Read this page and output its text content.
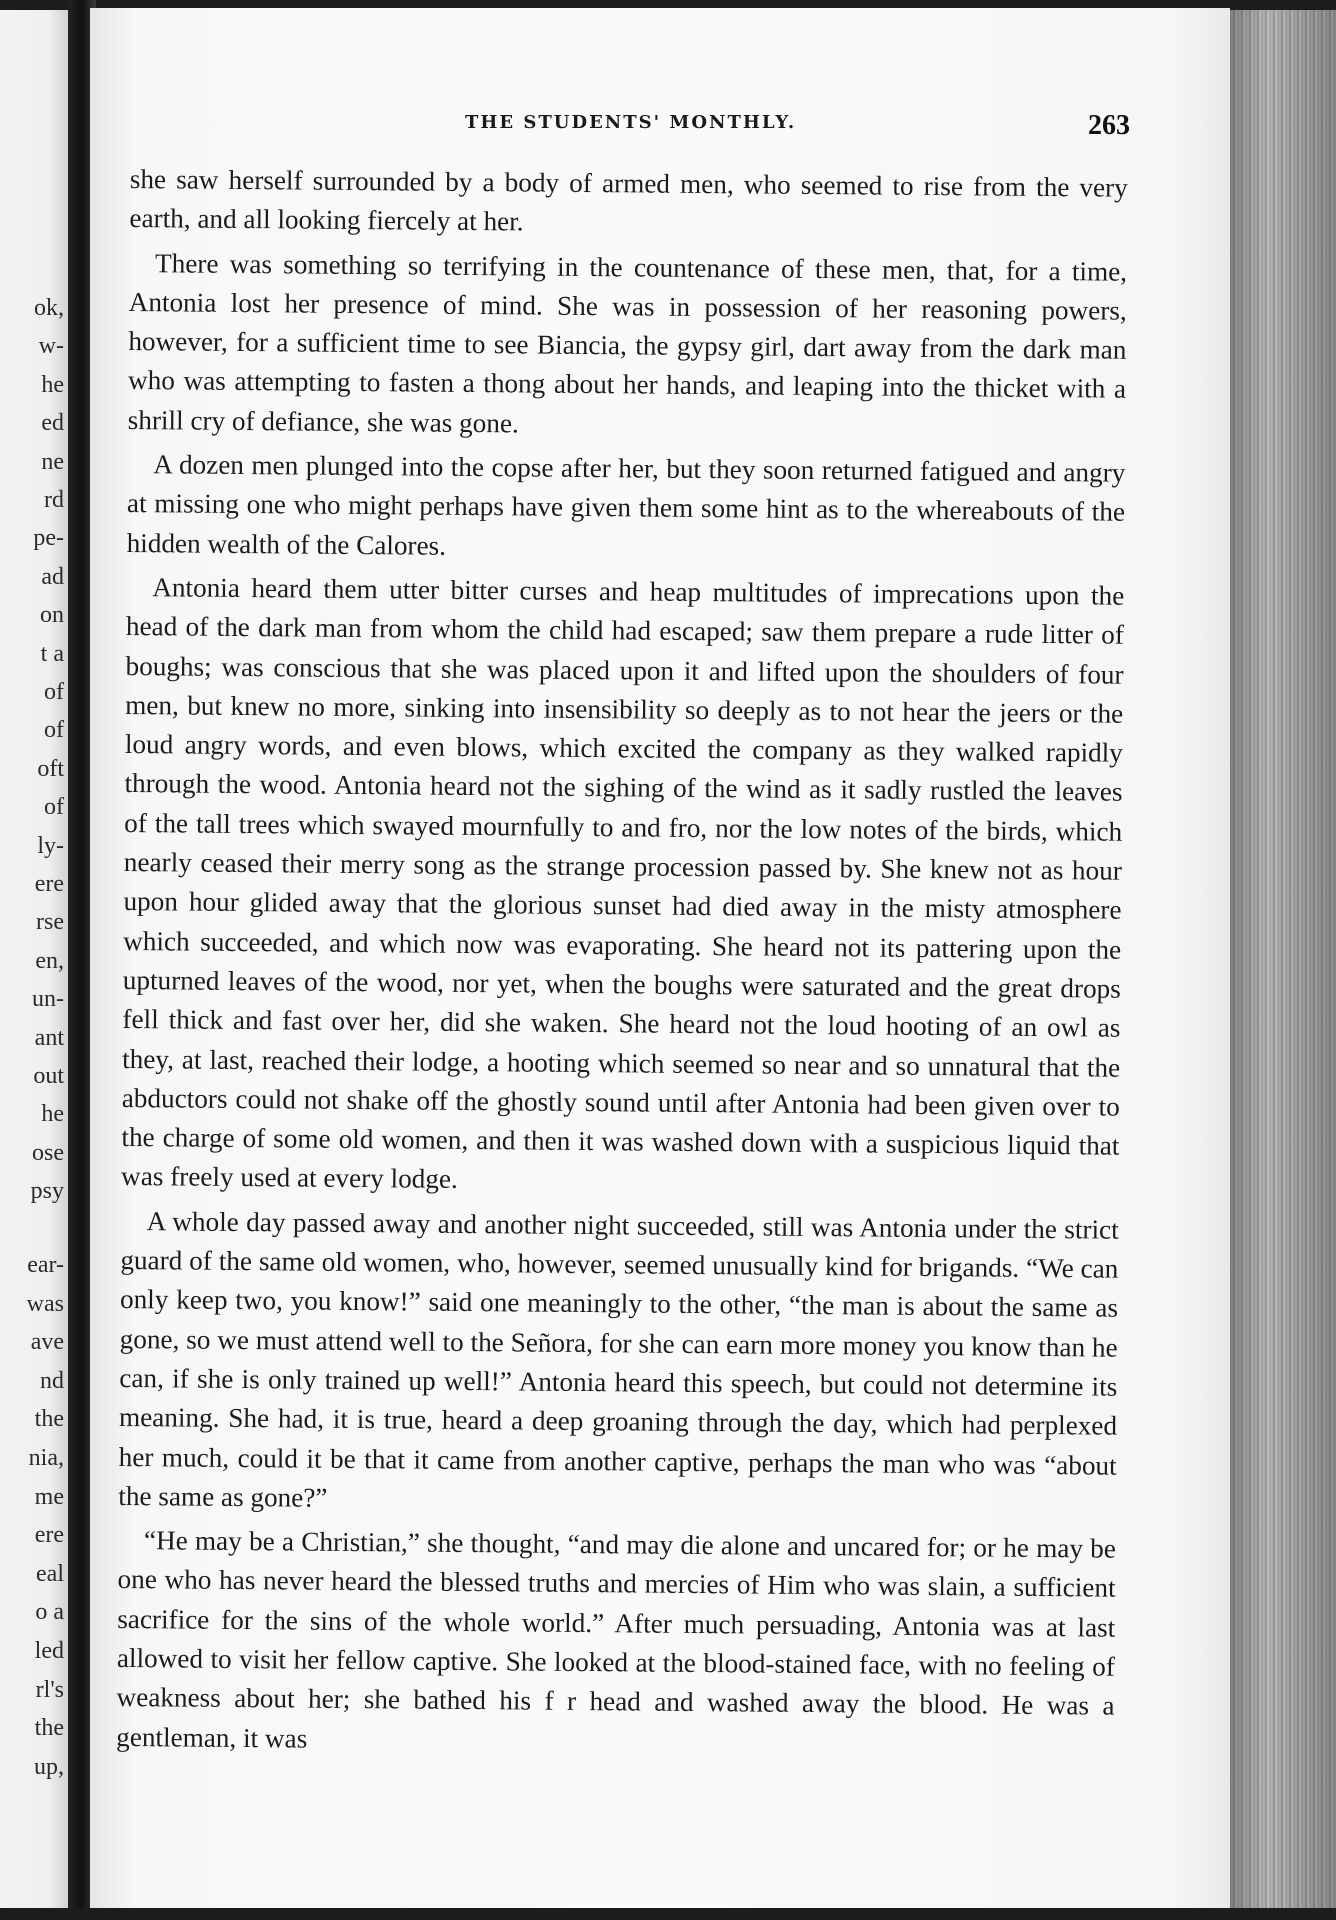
ok,
w-
he
ed
ne
rd
pe-
ad
on
t a
of
of
oft
of
ly-
ere
rse
en,
un-
ant
out
he
ose
psy
ear-
was
ave
nd
the
nia,
me
ere
eal
o a
led
rl's
the
up,
THE STUDENTS' MONTHLY.	263

she saw herself surrounded by a body of armed men, who seemed to rise from the very earth, and all looking fiercely at her.

There was something so terrifying in the countenance of these men, that, for a time, Antonia lost her presence of mind. She was in possession of her reasoning powers, however, for a sufficient time to see Biancia, the gypsy girl, dart away from the dark man who was attempting to fasten a thong about her hands, and leaping into the thicket with a shrill cry of defiance, she was gone.

A dozen men plunged into the copse after her, but they soon returned fatigued and angry at missing one who might perhaps have given them some hint as to the whereabouts of the hidden wealth of the Calores.

Antonia heard them utter bitter curses and heap multitudes of imprecations upon the head of the dark man from whom the child had escaped; saw them prepare a rude litter of boughs; was conscious that she was placed upon it and lifted upon the shoulders of four men, but knew no more, sinking into insensibility so deeply as to not hear the jeers or the loud angry words, and even blows, which excited the company as they walked rapidly through the wood. Antonia heard not the sighing of the wind as it sadly rustled the leaves of the tall trees which swayed mournfully to and fro, nor the low notes of the birds, which nearly ceased their merry song as the strange procession passed by. She knew not as hour upon hour glided away that the glorious sunset had died away in the misty atmosphere which succeeded, and which now was evaporating. She heard not its pattering upon the upturned leaves of the wood, nor yet, when the boughs were saturated and the great drops fell thick and fast over her, did she waken. She heard not the loud hooting of an owl as they, at last, reached their lodge, a hooting which seemed so near and so unnatural that the abductors could not shake off the ghostly sound until after Antonia had been given over to the charge of some old women, and then it was washed down with a suspicious liquid that was freely used at every lodge.

A whole day passed away and another night succeeded, still was Antonia under the strict guard of the same old women, who, however, seemed unusually kind for brigands. “We can only keep two, you know!” said one meaningly to the other, “the man is about the same as gone, so we must attend well to the Señora, for she can earn more money you know than he can, if she is only trained up well!” Antonia heard this speech, but could not determine its meaning. She had, it is true, heard a deep groaning through the day, which had perplexed her much, could it be that it came from another captive, perhaps the man who was “about the same as gone?”

“He may be a Christian,” she thought, “and may die alone and uncared for; or he may be one who has never heard the blessed truths and mercies of Him who was slain, a sufficient sacrifice for the sins of the whole world.” After much persuading, Antonia was at last allowed to visit her fellow captive. She looked at the blood-stained face, with no feeling of weakness about her; she bathed his f r head and washed away the blood. He was a gentleman, it was
